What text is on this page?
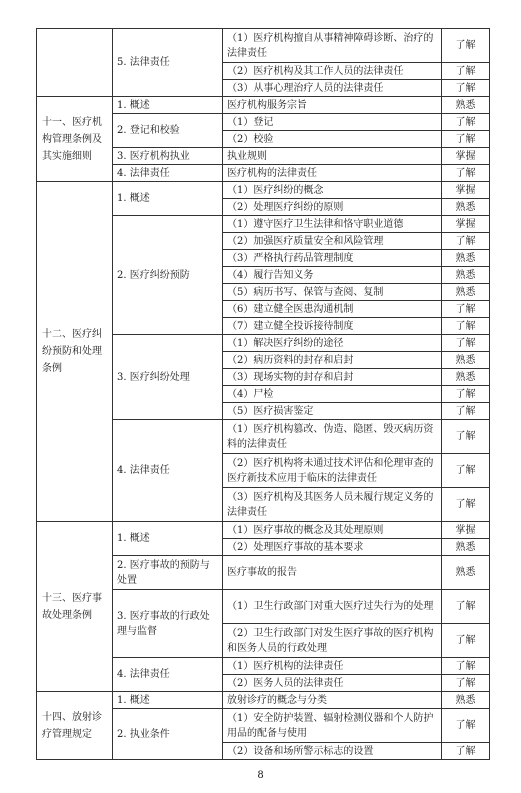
	5. 法律责任	（1）医疗机构擅自从事精神障碍诊断、治疗的法律责任	了解
		（2）医疗机构及其工作人员的法律责任	了解
		（3）从事心理治疗人员的法律责任	了解
十一、医疗机构管理条例及其实施细则	1. 概述	医疗机构服务宗旨	熟悉
	2. 登记和校验	（1）登记	了解
		（2）校验	了解
	3. 医疗机构执业	执业规则	掌握
	4. 法律责任	医疗机构的法律责任	了解
十二、医疗纠纷预防和处理条例	1. 概述	（1）医疗纠纷的概念	掌握
		（2）处理医疗纠纷的原则	熟悉
	2. 医疗纠纷预防	（1）遵守医疗卫生法律和恪守职业道德	掌握
		（2）加强医疗质量安全和风险管理	了解
		（3）严格执行药品管理制度	熟悉
		（4）履行告知义务	熟悉
		（5）病历书写、保管与查阅、复制	熟悉
		（6）建立健全医患沟通机制	了解
		（7）建立健全投诉接待制度	了解
	3. 医疗纠纷处理	（1）解决医疗纠纷的途径	了解
		（2）病历资料的封存和启封	熟悉
		（3）现场实物的封存和启封	熟悉
		（4）尸检	了解
		（5）医疗损害鉴定	了解
	4. 法律责任	（1）医疗机构篡改、伪造、隐匿、毁灭病历资料的法律责任	了解
		（2）医疗机构将未通过技术评估和伦理审查的医疗新技术应用于临床的法律责任	了解
		（3）医疗机构及其医务人员未履行规定义务的法律责任	了解
十三、医疗事故处理条例	1. 概述	（1）医疗事故的概念及其处理原则	掌握
		（2）处理医疗事故的基本要求	熟悉
	2. 医疗事故的预防与处置	医疗事故的报告	熟悉
	3. 医疗事故的行政处理与监督	（1）卫生行政部门对重大医疗过失行为的处理	了解
		（2）卫生行政部门对发生医疗事故的医疗机构和医务人员的行政处理	了解
	4. 法律责任	（1）医疗机构的法律责任	了解
		（2）医务人员的法律责任	了解
十四、放射诊疗管理规定	1. 概述	放射诊疗的概念与分类	熟悉
	2. 执业条件	（1）安全防护装置、辐射检测仪器和个人防护用品的配备与使用	了解
		（2）设备和场所警示标志的设置	了解
8
